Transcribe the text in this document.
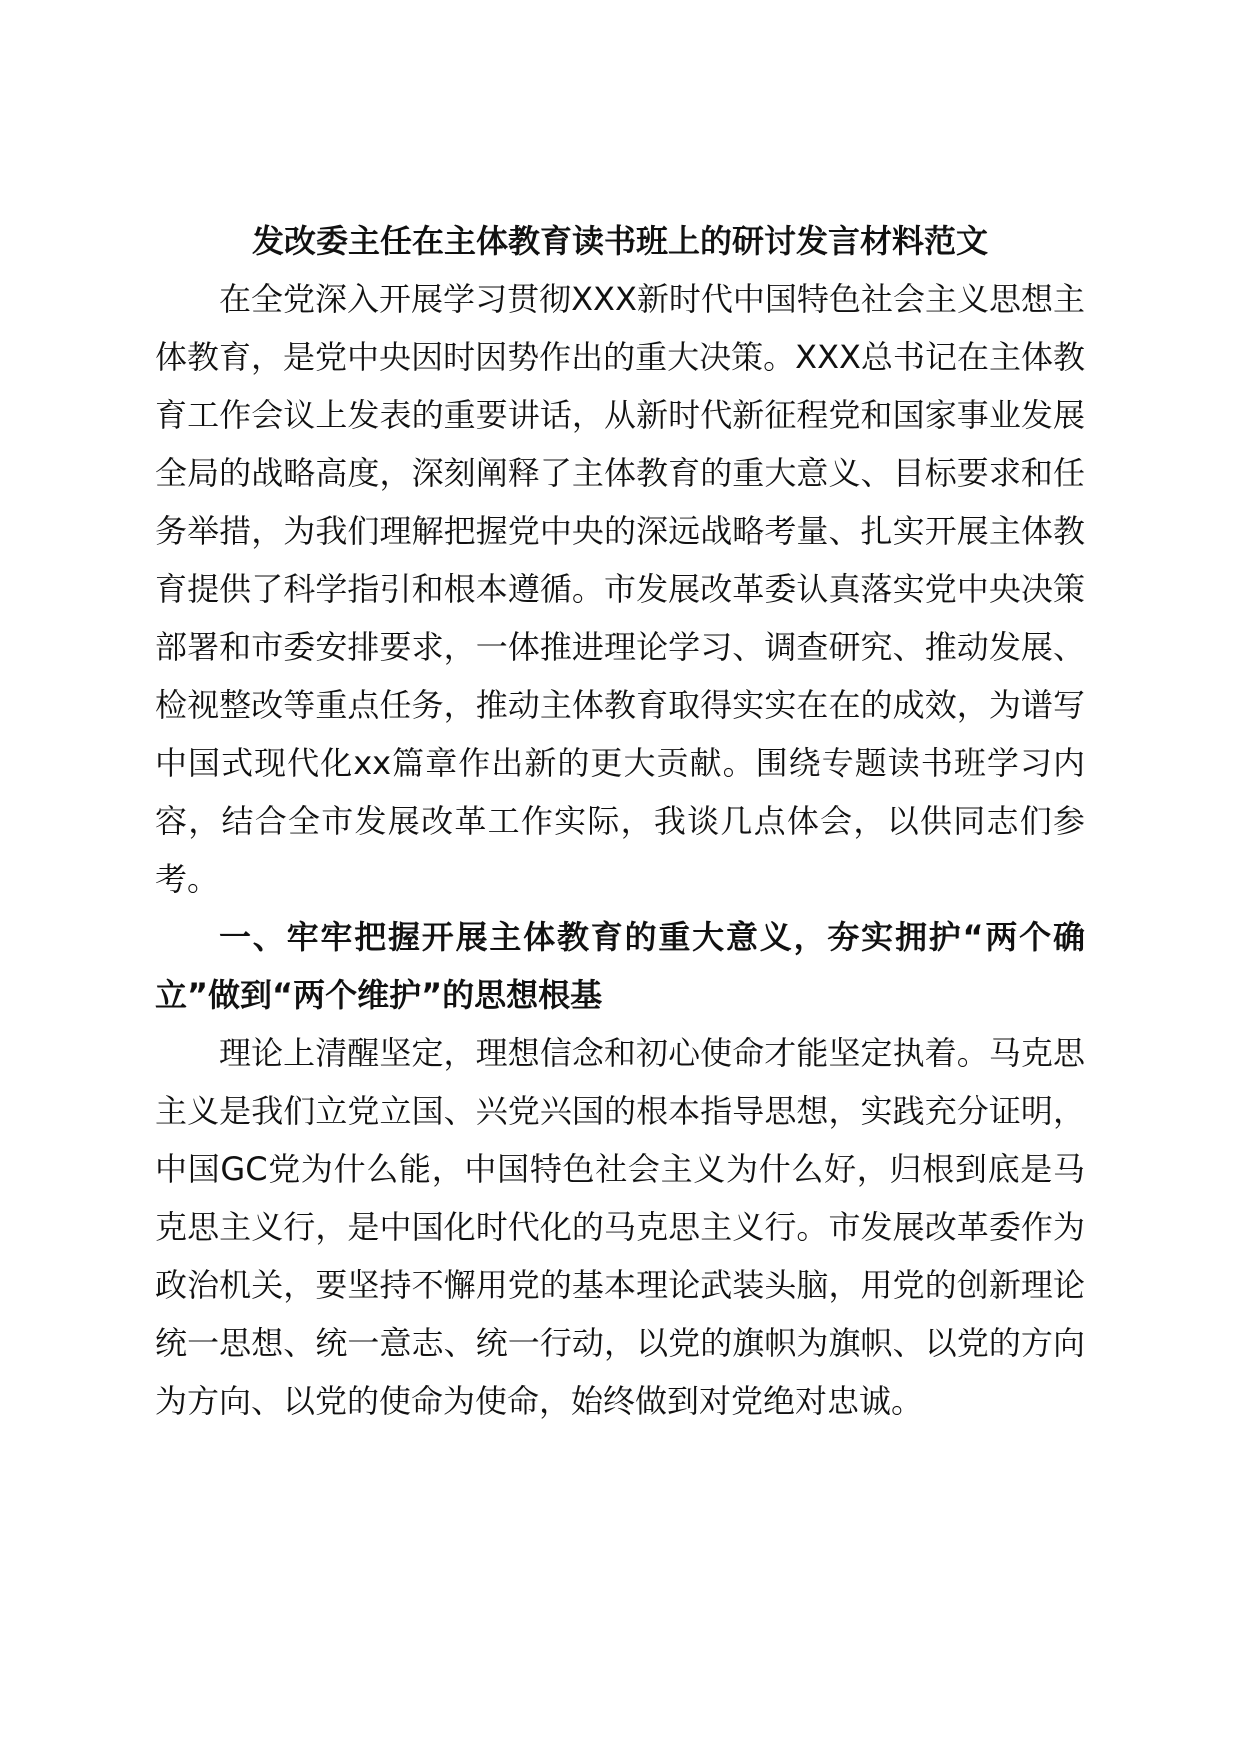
发改委主任在主体教育读书班上的研讨发言材料范文

在全党深入开展学习贯彻XXX新时代中国特色社会主义思想主体教育，是党中央因时因势作出的重大决策。XXX总书记在主体教育工作会议上发表的重要讲话，从新时代新征程党和国家事业发展全局的战略高度，深刻阐释了主体教育的重大意义、目标要求和任务举措，为我们理解把握党中央的深远战略考量、扎实开展主体教育提供了科学指引和根本遵循。市发展改革委认真落实党中央决策部署和市委安排要求，一体推进理论学习、调查研究、推动发展、检视整改等重点任务，推动主体教育取得实实在在的成效，为谱写中国式现代化xx篇章作出新的更大贡献。围绕专题读书班学习内容，结合全市发展改革工作实际，我谈几点体会，以供同志们参考。

一、牢牢把握开展主体教育的重大意义，夯实拥护“两个确立”做到“两个维护”的思想根基

理论上清醒坚定，理想信念和初心使命才能坚定执着。马克思主义是我们立党立国、兴党兴国的根本指导思想，实践充分证明，中国GC党为什么能，中国特色社会主义为什么好，归根到底是马克思主义行，是中国化时代化的马克思主义行。市发展改革委作为政治机关，要坚持不懈用党的基本理论武装头脑，用党的创新理论统一思想、统一意志、统一行动，以党的旗帜为旗帜、以党的方向为方向、以党的使命为使命，始终做到对党绝对忠诚。
